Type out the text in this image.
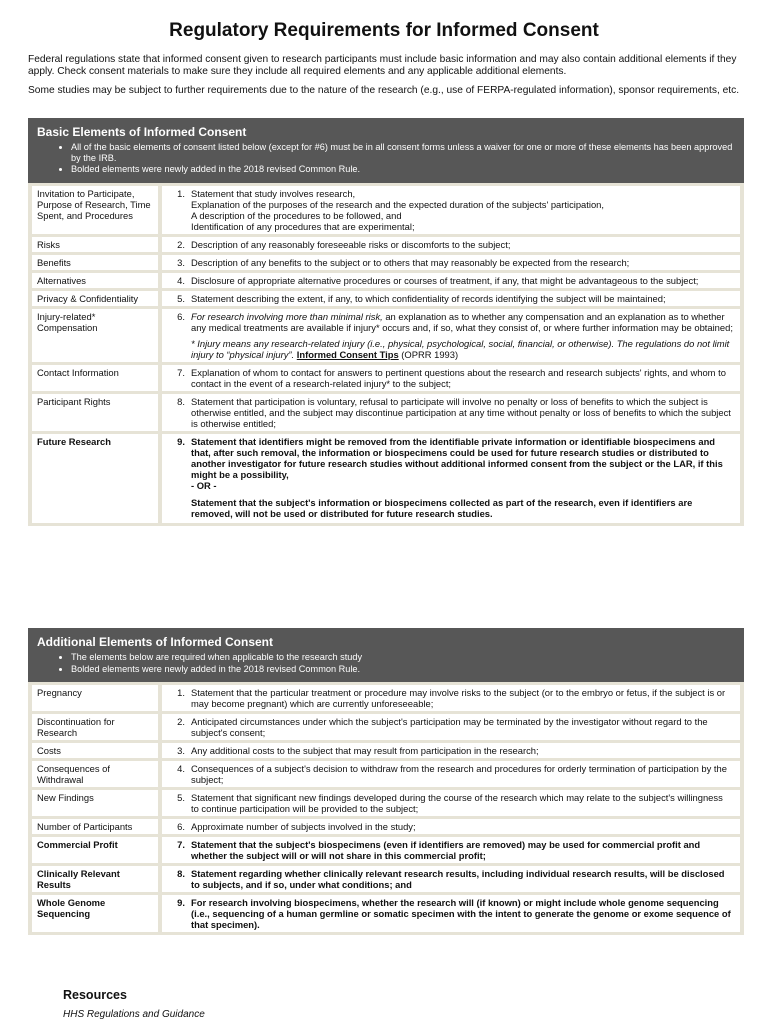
Regulatory Requirements for Informed Consent

Federal regulations state that informed consent given to research participants must include basic information and may also contain additional elements if they apply. Check consent materials to make sure they include all required elements and any applicable additional elements.

Some studies may be subject to further requirements due to the nature of the research (e.g., use of FERPA-regulated information), sponsor requirements, etc.

Basic Elements of Informed Consent

• All of the basic elements of consent listed below (except for #6) must be in all consent forms unless a waiver for one or more of these elements has been approved by the IRB.
• Bolded elements were newly added in the 2018 revised Common Rule.
Invitation to Participate, Purpose of Research, Time Spent, and Procedures	1. Statement that study involves research,
Explanation of the purposes of the research and the expected duration of the subjects' participation,
A description of the procedures to be followed, and
Identification of any procedures that are experimental;
Risks	2. Description of any reasonably foreseeable risks or discomforts to the subject;
Benefits	3. Description of any benefits to the subject or to others that may reasonably be expected from the research;
Alternatives	4. Disclosure of appropriate alternative procedures or courses of treatment, if any, that might be advantageous to the subject;
Privacy & Confidentiality	5. Statement describing the extent, if any, to which confidentiality of records identifying the subject will be maintained;
Injury-related* Compensation	6. For research involving more than minimal risk, an explanation as to whether any compensation and an explanation as to whether any medical treatments are available if injury* occurs and, if so, what they consist of, or where further information may be obtained;
* Injury means any research-related injury (i.e., physical, psychological, social, financial, or otherwise). The regulations do not limit injury to “physical injury”. Informed Consent Tips (OPRR 1993)
Contact Information	7. Explanation of whom to contact for answers to pertinent questions about the research and research subjects' rights, and whom to contact in the event of a research-related injury* to the subject;
Participant Rights	8. Statement that participation is voluntary, refusal to participate will involve no penalty or loss of benefits to which the subject is otherwise entitled, and the subject may discontinue participation at any time without penalty or loss of benefits to which the subject is otherwise entitled;
Future Research	9. Statement that identifiers might be removed from the identifiable private information or identifiable biospecimens and that, after such removal, the information or biospecimens could be used for future research studies or distributed to another investigator for future research studies without additional informed consent from the subject or the LAR, if this might be a possibility,
- OR -
Statement that the subject's information or biospecimens collected as part of the research, even if identifiers are removed, will not be used or distributed for future research studies.

Additional Elements of Informed Consent

• The elements below are required when applicable to the research study
• Bolded elements were newly added in the 2018 revised Common Rule.
Pregnancy	1. Statement that the particular treatment or procedure may involve risks to the subject (or to the embryo or fetus, if the subject is or may become pregnant) which are currently unforeseeable;
Discontinuation for Research	2. Anticipated circumstances under which the subject's participation may be terminated by the investigator without regard to the subject's consent;
Costs	3. Any additional costs to the subject that may result from participation in the research;
Consequences of Withdrawal	4. Consequences of a subject's decision to withdraw from the research and procedures for orderly termination of participation by the subject;
New Findings	5. Statement that significant new findings developed during the course of the research which may relate to the subject's willingness to continue participation will be provided to the subject;
Number of Participants	6. Approximate number of subjects involved in the study;
Commercial Profit	7. Statement that the subject's biospecimens (even if identifiers are removed) may be used for commercial profit and whether the subject will or will not share in this commercial profit;
Clinically Relevant Results	8. Statement regarding whether clinically relevant research results, including individual research results, will be disclosed to subjects, and if so, under what conditions; and
Whole Genome Sequencing	9. For research involving biospecimens, whether the research will (if known) or might include whole genome sequencing (i.e., sequencing of a human germline or somatic specimen with the intent to generate the genome or exome sequence of that specimen).

Resources

HHS Regulations and Guidance
